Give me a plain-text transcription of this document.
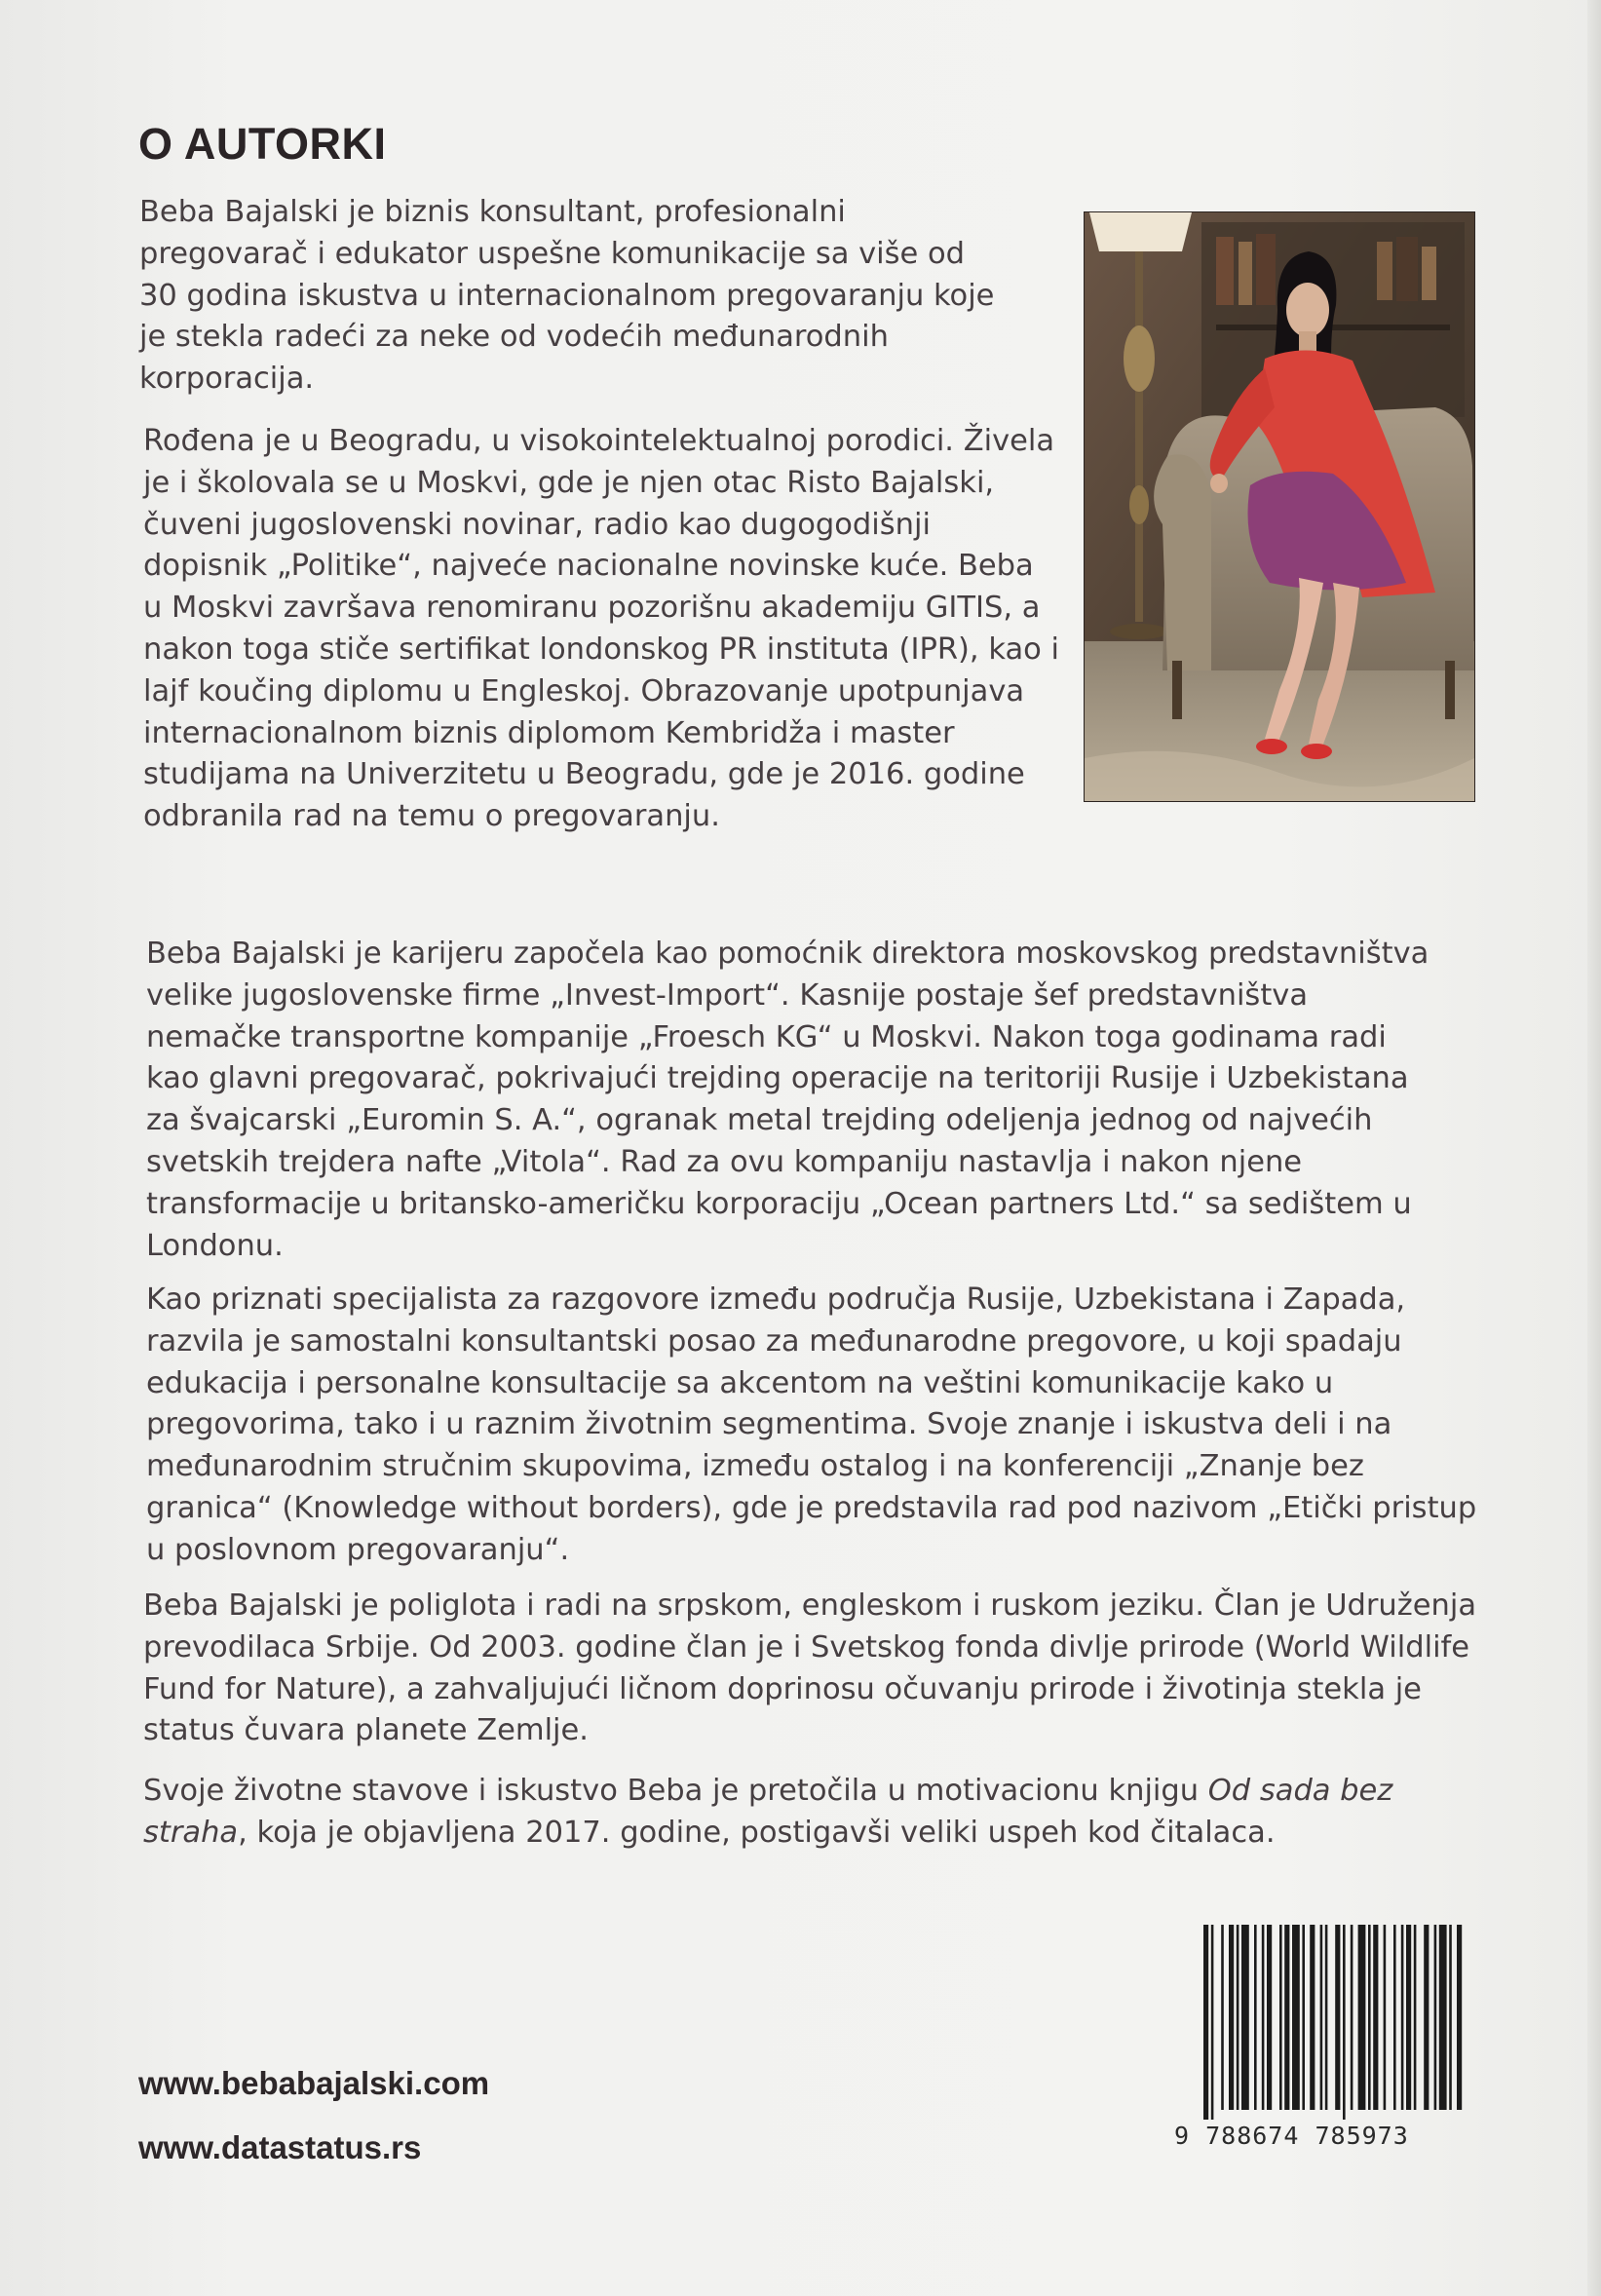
O AUTORKI

Beba Bajalski je biznis konsultant, profesionalni pregovarač i edukator uspešne komunikacije sa više od 30 godina iskustva u internacionalnom pregovaranju koje je stekla radeći za neke od vodećih međunarodnih korporacija.

Rođena je u Beogradu, u visokointelektualnoj porodici. Živela je i školovala se u Moskvi, gde je njen otac Risto Bajalski, čuveni jugoslovenski novinar, radio kao dugogodišnji dopisnik „Politike“, najveće nacionalne novinske kuće. Beba u Moskvi završava renomiranu pozorišnu akademiju GITIS, a nakon toga stiče sertifikat londonskog PR instituta (IPR), kao i lajf koučing diplomu u Engleskoj. Obrazovanje upotpunjava internacionalnom biznis diplomom Kembridža i master studijama na Univerzitetu u Beogradu, gde je 2016. godine odbranila rad na temu o pregovaranju.

Beba Bajalski je karijeru započela kao pomoćnik direktora moskovskog predstavništva velike jugoslovenske firme „Invest-Import“. Kasnije postaje šef predstavništva nemačke transportne kompanije „Froesch KG“ u Moskvi. Nakon toga godinama radi kao glavni pregovarač, pokrivajući trejding operacije na teritoriji Rusije i Uzbekistana za švajcarski „Euromin S. A.“, ogranak metal trejding odeljenja jednog od najvećih svetskih trejdera nafte „Vitola“. Rad za ovu kompaniju nastavlja i nakon njene transformacije u britansko-američku korporaciju „Ocean partners Ltd.“ sa sedištem u Londonu.

Kao priznati specijalista za razgovore između područja Rusije, Uzbekistana i Zapada, razvila je samostalni konsultantski posao za međunarodne pregovore, u koji spadaju edukacija i personalne konsultacije sa akcentom na veštini komunikacije kako u pregovorima, tako i u raznim životnim segmentima. Svoje znanje i iskustva deli i na međunarodnim stručnim skupovima, između ostalog i na konferenciji „Znanje bez granica“ (Knowledge without borders), gde je predstavila rad pod nazivom „Etički pristup u poslovnom pregovaranju“.

Beba Bajalski je poliglota i radi na srpskom, engleskom i ruskom jeziku. Član je Udruženja prevodilaca Srbije. Od 2003. godine član je i Svetskog fonda divlje prirode (World Wildlife Fund for Nature), a zahvaljujući ličnom doprinosu očuvanju prirode i životinja stekla je status čuvara planete Zemlje.

Svoje životne stavove i iskustvo Beba je pretočila u motivacionu knjigu Od sada bez straha, koja je objavljena 2017. godine, postigavši veliki uspeh kod čitalaca.

www.bebabajalski.com
www.datastatus.rs	9 788674 785973
